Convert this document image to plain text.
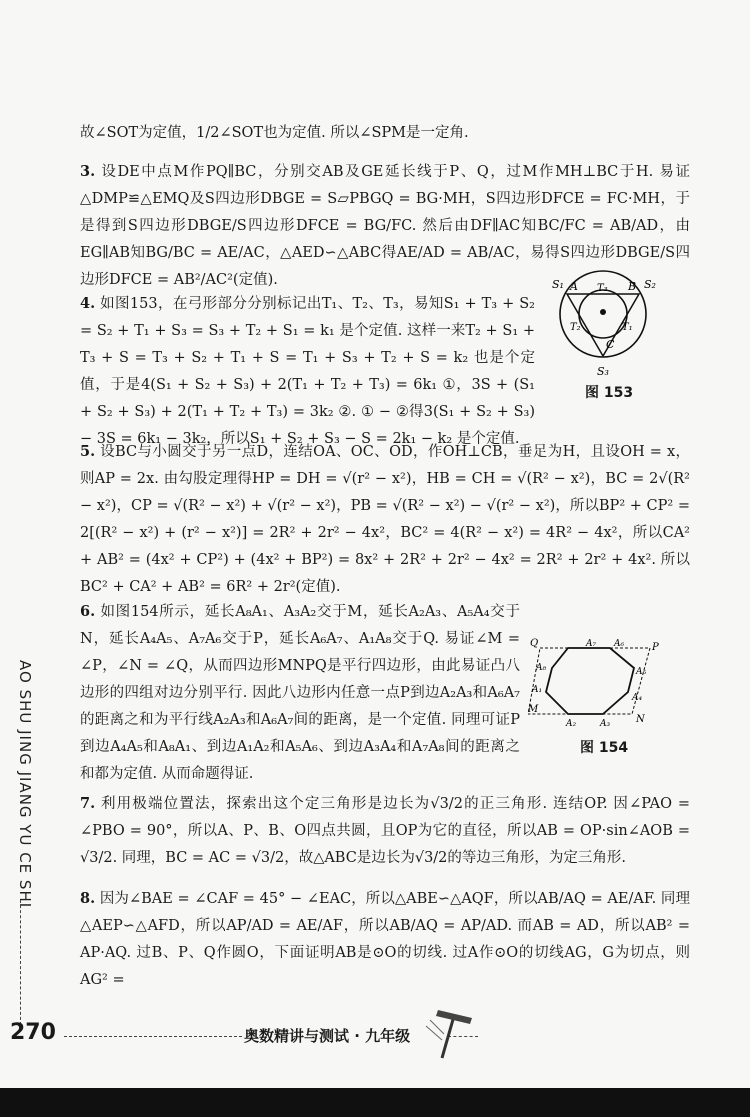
故∠SOT为定值，1/2∠SOT也为定值. 所以∠SPM是一定角.
3. 设DE中点M作PQ∥BC，分别交AB及GE延长线于P、Q，过M作MH⊥BC于H. 易证△DMP≌△EMQ及S四边形DBGE = S▱PBGQ = BG·MH，S四边形DFCE = FC·MH，于是得到S四边形DBGE/S四边形DFCE = BG/FC. 然后由DF∥AC知BC/FC = AB/AD，由EG∥AB知BG/BC = AE/AC，△AED∽△ABC得AE/AD = AB/AC，易得S四边形DBGE/S四边形DFCE = AB²/AC²(定值).
4. 如图153，在弓形部分分别标记出T₁、T₂、T₃，易知S₁ + T₃ + S₂ = S₂ + T₁ + S₃ = S₃ + T₂ + S₁ = k₁ 是个定值. 这样一来T₂ + S₁ + T₃ + S = T₃ + S₂ + T₁ + S = T₁ + S₃ + T₂ + S = k₂ 也是个定值，于是4(S₁ + S₂ + S₃) + 2(T₁ + T₂ + T₃) = 6k₁ ①，3S + (S₁ + S₂ + S₃) + 2(T₁ + T₂ + T₃) = 3k₂ ②. ① − ②得3(S₁ + S₂ + S₃) − 3S = 6k₁ − 3k₂，所以S₁ + S₂ + S₃ − S = 2k₁ − k₂ 是个定值.
S₁	S₂
S₃
A	B
C
T₃
T₂	T₁
图 153
5. 设BC与小圆交于另一点D，连结OA、OC、OD，作OH⊥CB，垂足为H，且设OH = x，则AP = 2x. 由勾股定理得HP = DH = √(r² − x²)，HB = CH = √(R² − x²)，BC = 2√(R² − x²)，CP = √(R² − x²) + √(r² − x²)，PB = √(R² − x²) − √(r² − x²)，所以BP² + CP² = 2[(R² − x²) + (r² − x²)] = 2R² + 2r² − 4x²，BC² = 4(R² − x²) = 4R² − 4x²，所以CA² + AB² = (4x² + CP²) + (4x² + BP²) = 8x² + 2R² + 2r² − 4x² = 2R² + 2r² + 4x². 所以BC² + CA² + AB² = 6R² + 2r²(定值).
6. 如图154所示，延长A₈A₁、A₃A₂交于M，延长A₂A₃、A₅A₄交于N，延长A₄A₅、A₇A₆交于P，延长A₆A₇、A₁A₈交于Q. 易证∠M = ∠P，∠N = ∠Q，从而四边形MNPQ是平行四边形，由此易证凸八边形的四组对边分别平行. 因此八边形内任意一点P到边A₂A₃和A₆A₇的距离之和为平行线A₂A₃和A₆A₇间的距离，是一个定值. 同理可证P到边A₄A₅和A₈A₁、到边A₁A₂和A₅A₆、到边A₃A₄和A₇A₈间的距离之和都为定值. 从而命题得证.
Q	P
M
N
A₇ A₆
A₅
A₄
A₃
A₂
A₁
A₈
图 154
7. 利用极端位置法，探索出这个定三角形是边长为√3/2的正三角形. 连结OP. 因∠PAO = ∠PBO = 90°，所以A、P、B、O四点共圆，且OP为它的直径，所以AB = OP·sin∠AOB = √3/2. 同理，BC = AC = √3/2，故△ABC是边长为√3/2的等边三角形，为定三角形.
8. 因为∠BAE = ∠CAF = 45° − ∠EAC，所以△ABE∽△AQF，所以AB/AQ = AE/AF. 同理△AEP∽△AFD，所以AP/AD = AE/AF，所以AB/AQ = AP/AD. 而AB = AD，所以AB² = AP·AQ. 过B、P、Q作圆O，下面证明AB是⊙O的切线. 过A作⊙O的切线AG，G为切点，则AG² =
AO SHU JING JIANG YU CE SHI
270	奥数精讲与测试 · 九年级
